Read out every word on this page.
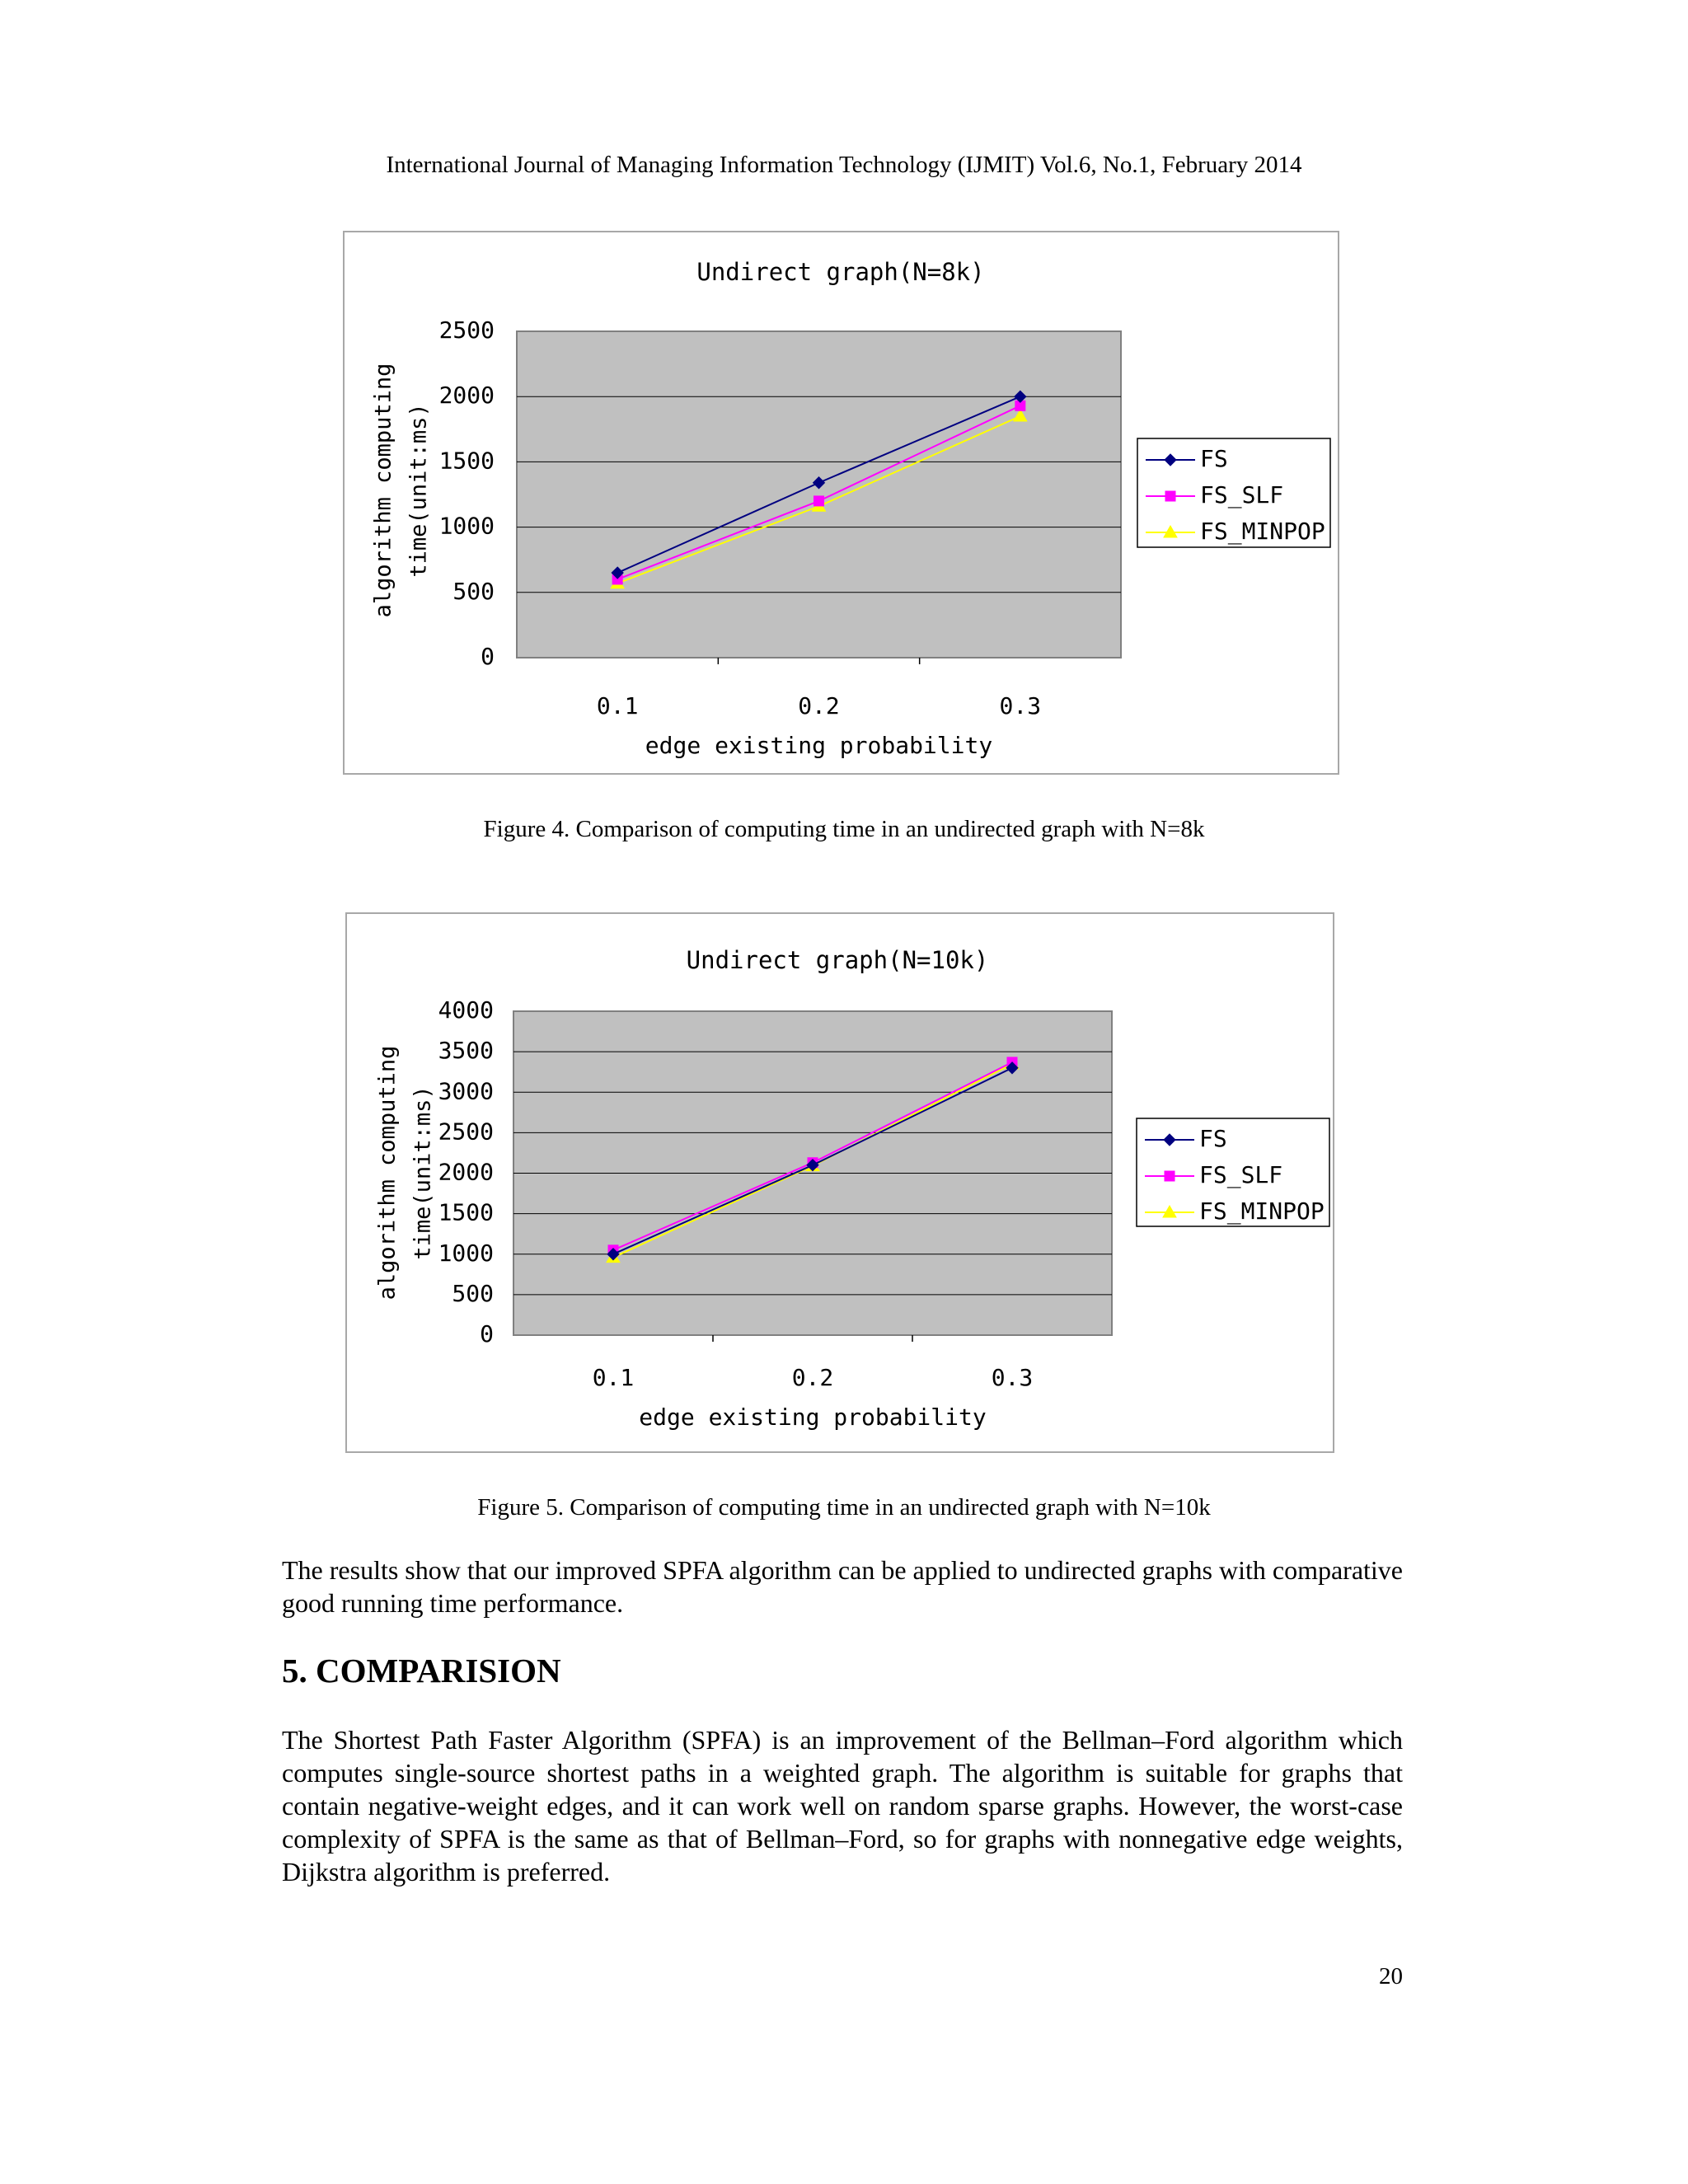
International Journal of Managing Information Technology (IJMIT) Vol.6, No.1, February 2014
Undirect graph(N=8k)
0
500
1000
1500
2000
2500
0.1	0.2	0.3
edge existing probability
algorithm computing time(unit:ms)	FS
FS_SLF
FS_MINPOP
Figure 4. Comparison of computing time in an undirected graph with N=8k
Undirect graph(N=10k)
0
500
1000
1500
2000
2500
3000
3500
4000
0.1	0.2	0.3
edge existing probability
algorithm computing time(unit:ms)	FS
FS_SLF
FS_MINPOP
Figure 5. Comparison of computing time in an undirected graph with N=10k
The results show that our improved SPFA algorithm can be applied to undirected graphs with comparative good running time performance.
5. COMPARISION
The Shortest Path Faster Algorithm (SPFA) is an improvement of the Bellman–Ford algorithm which computes single-source shortest paths in a weighted graph. The algorithm is suitable for graphs that contain negative-weight edges, and it can work well on random sparse graphs. However, the worst-case complexity of SPFA is the same as that of Bellman–Ford, so for graphs with nonnegative edge weights, Dijkstra algorithm is preferred.
20
